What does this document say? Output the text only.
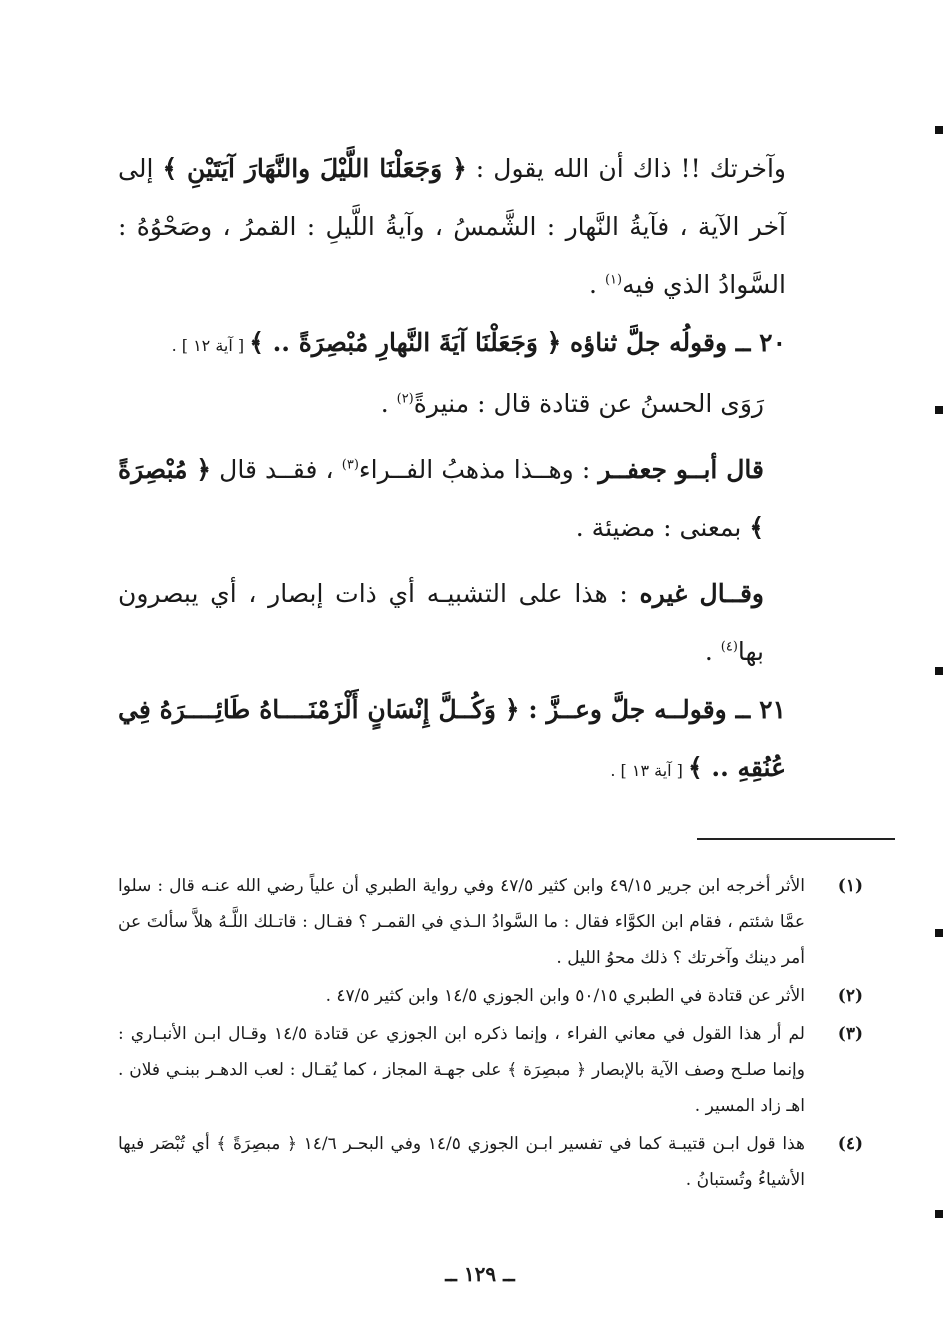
وآخرتك !! ذاك أن الله يقول : ﴿ وَجَعَلْنَا اللَّيْلَ والنَّهَارَ آيَتَيْنِ ﴾ إلى آخر الآية ، فآيةُ النَّهار : الشَّمسُ ، وآيةُ اللَّيلِ : القمرُ ، وصَحْوُهُ : السَّوادُ الذي فيه$^{(١)}$ .

٢٠ ــ وقولُه جلَّ ثناؤه ﴿ وَجَعَلْنَا آيَةَ النَّهارِ مُبْصِرَةً .. ﴾ [ آية ١٢ ] .

رَوَى الحسنُ عن قتادة قال : منيرةً$^{(٢)}$ .

قال أبــو جعفــر : وهــذا مذهبُ الفــراء$^{(٣)}$ ، فقــد قال ﴿ مُبْصِرَةً ﴾ بمعنى : مضيئة .

وقــال غيره : هذا على التشبيـه أي ذات إبصار ، أي يبصرون بها$^{(٤)}$ .

٢١ ــ وقولــه جلَّ وعــزَّ : ﴿ وَكُــلَّ إِنْسَانٍ أَلْزَمْنَــــاهُ طَائِــــرَهُ فِي عُنُقِهِ .. ﴾ [ آية ١٣ ] .

(١)
الأثر أخرجه ابن جرير ٤٩/١٥ وابن كثير ٤٧/٥ وفي رواية الطبري أن علياً رضي الله عنـه قال : سلوا عمَّا شئتم ، فقام ابن الكوَّاء فقال : ما السَّوادُ الـذي في القمـر ؟ فقـال : قاتـلك اللَّـهُ هلاَّ سألتَ عن أمر دينك وآخرتك ؟ ذلك محوُ الليل .

(٢)
الأثر عن قتادة في الطبري ٥٠/١٥ وابن الجوزي ١٤/٥ وابن كثير ٤٧/٥ .

(٣)
لم أر هذا القول في معاني الفراء ، وإنما ذكره ابن الجوزي عن قتادة ١٤/٥ وقـال ابـن الأنبـاري : وإنما صلـح وصف الآية بالإبصار ﴿ مبصِرَة ﴾ على جهـة المجاز ، كما يُقـال : لعب الدهـر ببنـي فلان . اهـ زاد المسير .

(٤)
هذا قول ابـن قتيبـة كما في تفسير ابـن الجوزي ١٤/٥ وفي البحـر ١٤/٦ ﴿ مبصِرَةً ﴾ أي تُبْصَر فيها الأشياءُ وتُستبانُ .

ــ ١٢٩ ــ
